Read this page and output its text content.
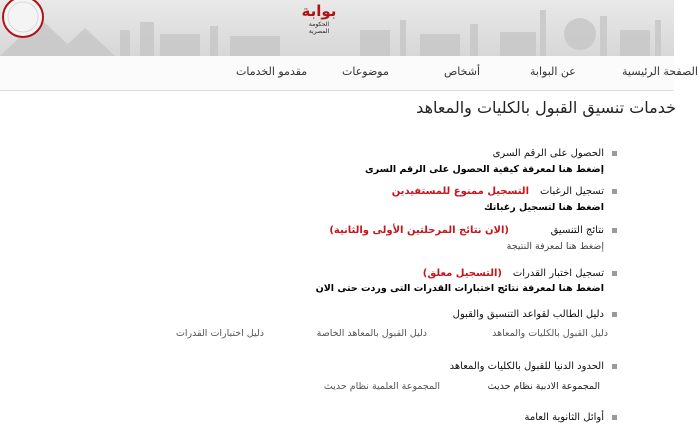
بوابة
الحكومة المصرية
مقدمو الخدمات	موضوعات	أشخاص	عن البوابة	الصفحة الرئيسية
خدمات تنسيق القبول بالكليات والمعاهد
الحصول على الرقم السرى
إضغط هنا لمعرفة كيفية الحصول على الرقم السرى
تسجيل الرغبات
التسجيل ممنوع للمستفيدين
اضغط هنا لتسجيل رغباتك
نتائج التنسيق
(الان نتائج المرحلتين الأولى والثانية)
إضغط هنا لمعرفة النتيجة
تسجيل اختبار القدرات
(التسجيل معلق)
اضغط هنا لمعرفة نتائج اختبارات القدرات التى وردت حتى الان
دليل الطالب لقواعد التنسيق والقبول
دليل القبول بالكليات والمعاهد
دليل القبول بالمعاهد الخاصة
دليل اختبارات القدرات
الحدود الدنيا للقبول بالكليات والمعاهد
المجموعة الادبية نظام حديث
المجموعة العلمية نظام حديث
أوائل الثانوية العامة
